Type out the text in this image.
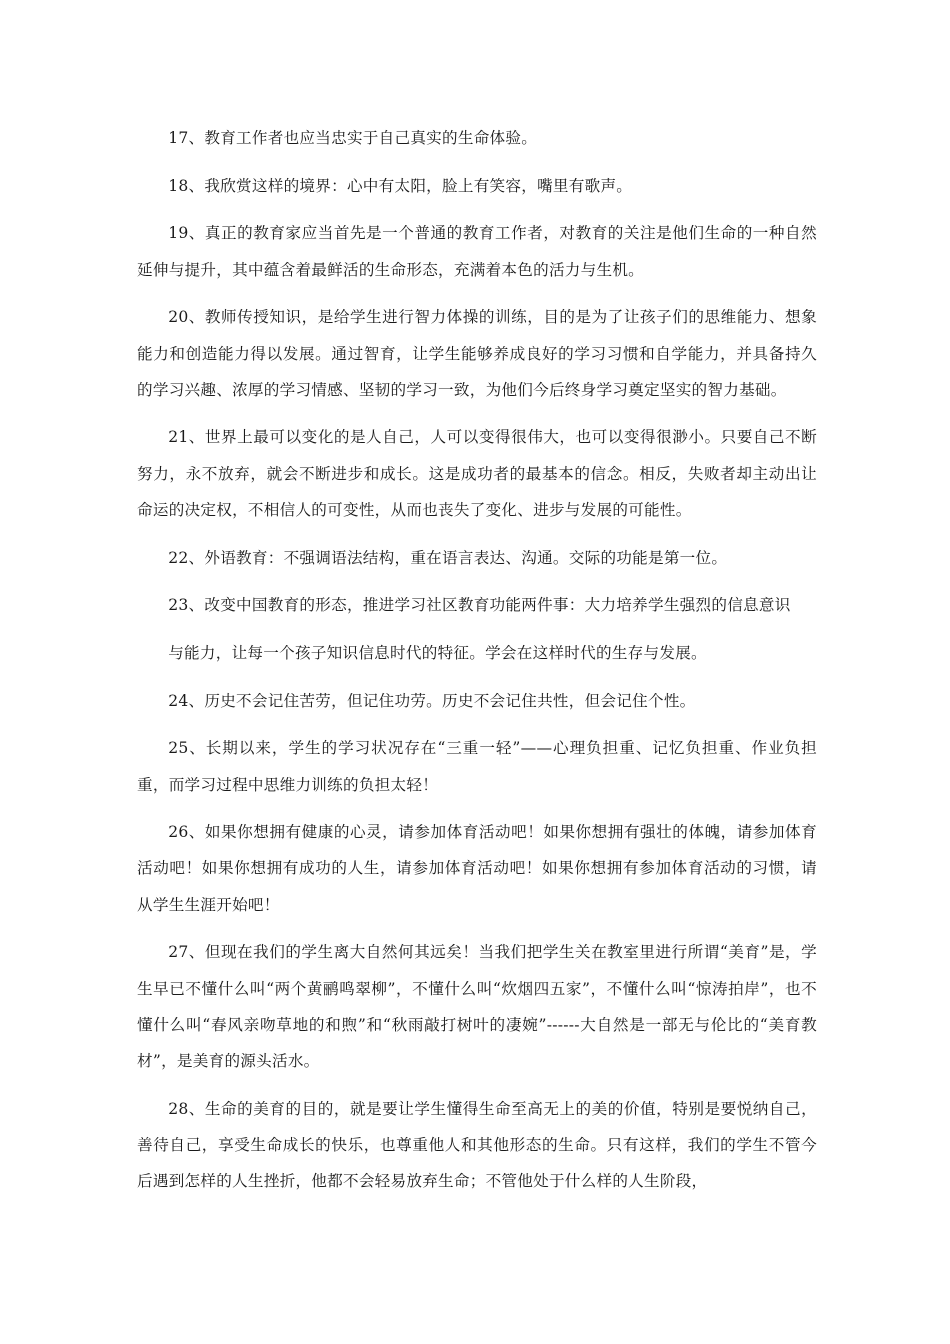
17、教育工作者也应当忠实于自己真实的生命体验。

18、我欣赏这样的境界：心中有太阳，脸上有笑容，嘴里有歌声。

19、真正的教育家应当首先是一个普通的教育工作者，对教育的关注是他们生命的一种自然延伸与提升，其中蕴含着最鲜活的生命形态，充满着本色的活力与生机。

20、教师传授知识，是给学生进行智力体操的训练，目的是为了让孩子们的思维能力、想象能力和创造能力得以发展。通过智育，让学生能够养成良好的学习习惯和自学能力，并具备持久的学习兴趣、浓厚的学习情感、坚韧的学习一致，为他们今后终身学习奠定坚实的智力基础。

21、世界上最可以变化的是人自己，人可以变得很伟大，也可以变得很渺小。只要自己不断努力，永不放弃，就会不断进步和成长。这是成功者的最基本的信念。相反，失败者却主动出让命运的决定权，不相信人的可变性，从而也丧失了变化、进步与发展的可能性。

22、外语教育：不强调语法结构，重在语言表达、沟通。交际的功能是第一位。

23、改变中国教育的形态，推进学习社区教育功能两件事：大力培养学生强烈的信息意识

与能力，让每一个孩子知识信息时代的特征。学会在这样时代的生存与发展。

24、历史不会记住苦劳，但记住功劳。历史不会记住共性，但会记住个性。

25、长期以来，学生的学习状况存在“三重一轻”——心理负担重、记忆负担重、作业负担重，而学习过程中思维力训练的负担太轻！

26、如果你想拥有健康的心灵，请参加体育活动吧！如果你想拥有强壮的体魄，请参加体育活动吧！如果你想拥有成功的人生，请参加体育活动吧！如果你想拥有参加体育活动的习惯，请从学生生涯开始吧！

27、但现在我们的学生离大自然何其远矣！当我们把学生关在教室里进行所谓“美育”是，学生早已不懂什么叫“两个黄鹂鸣翠柳”，不懂什么叫“炊烟四五家”，不懂什么叫“惊涛拍岸”，也不懂什么叫“春风亲吻草地的和煦”和“秋雨敲打树叶的凄婉”------大自然是一部无与伦比的“美育教材”，是美育的源头活水。

28、生命的美育的目的，就是要让学生懂得生命至高无上的美的价值，特别是要悦纳自己，善待自己，享受生命成长的快乐，也尊重他人和其他形态的生命。只有这样，我们的学生不管今后遇到怎样的人生挫折，他都不会轻易放弃生命；不管他处于什么样的人生阶段，
